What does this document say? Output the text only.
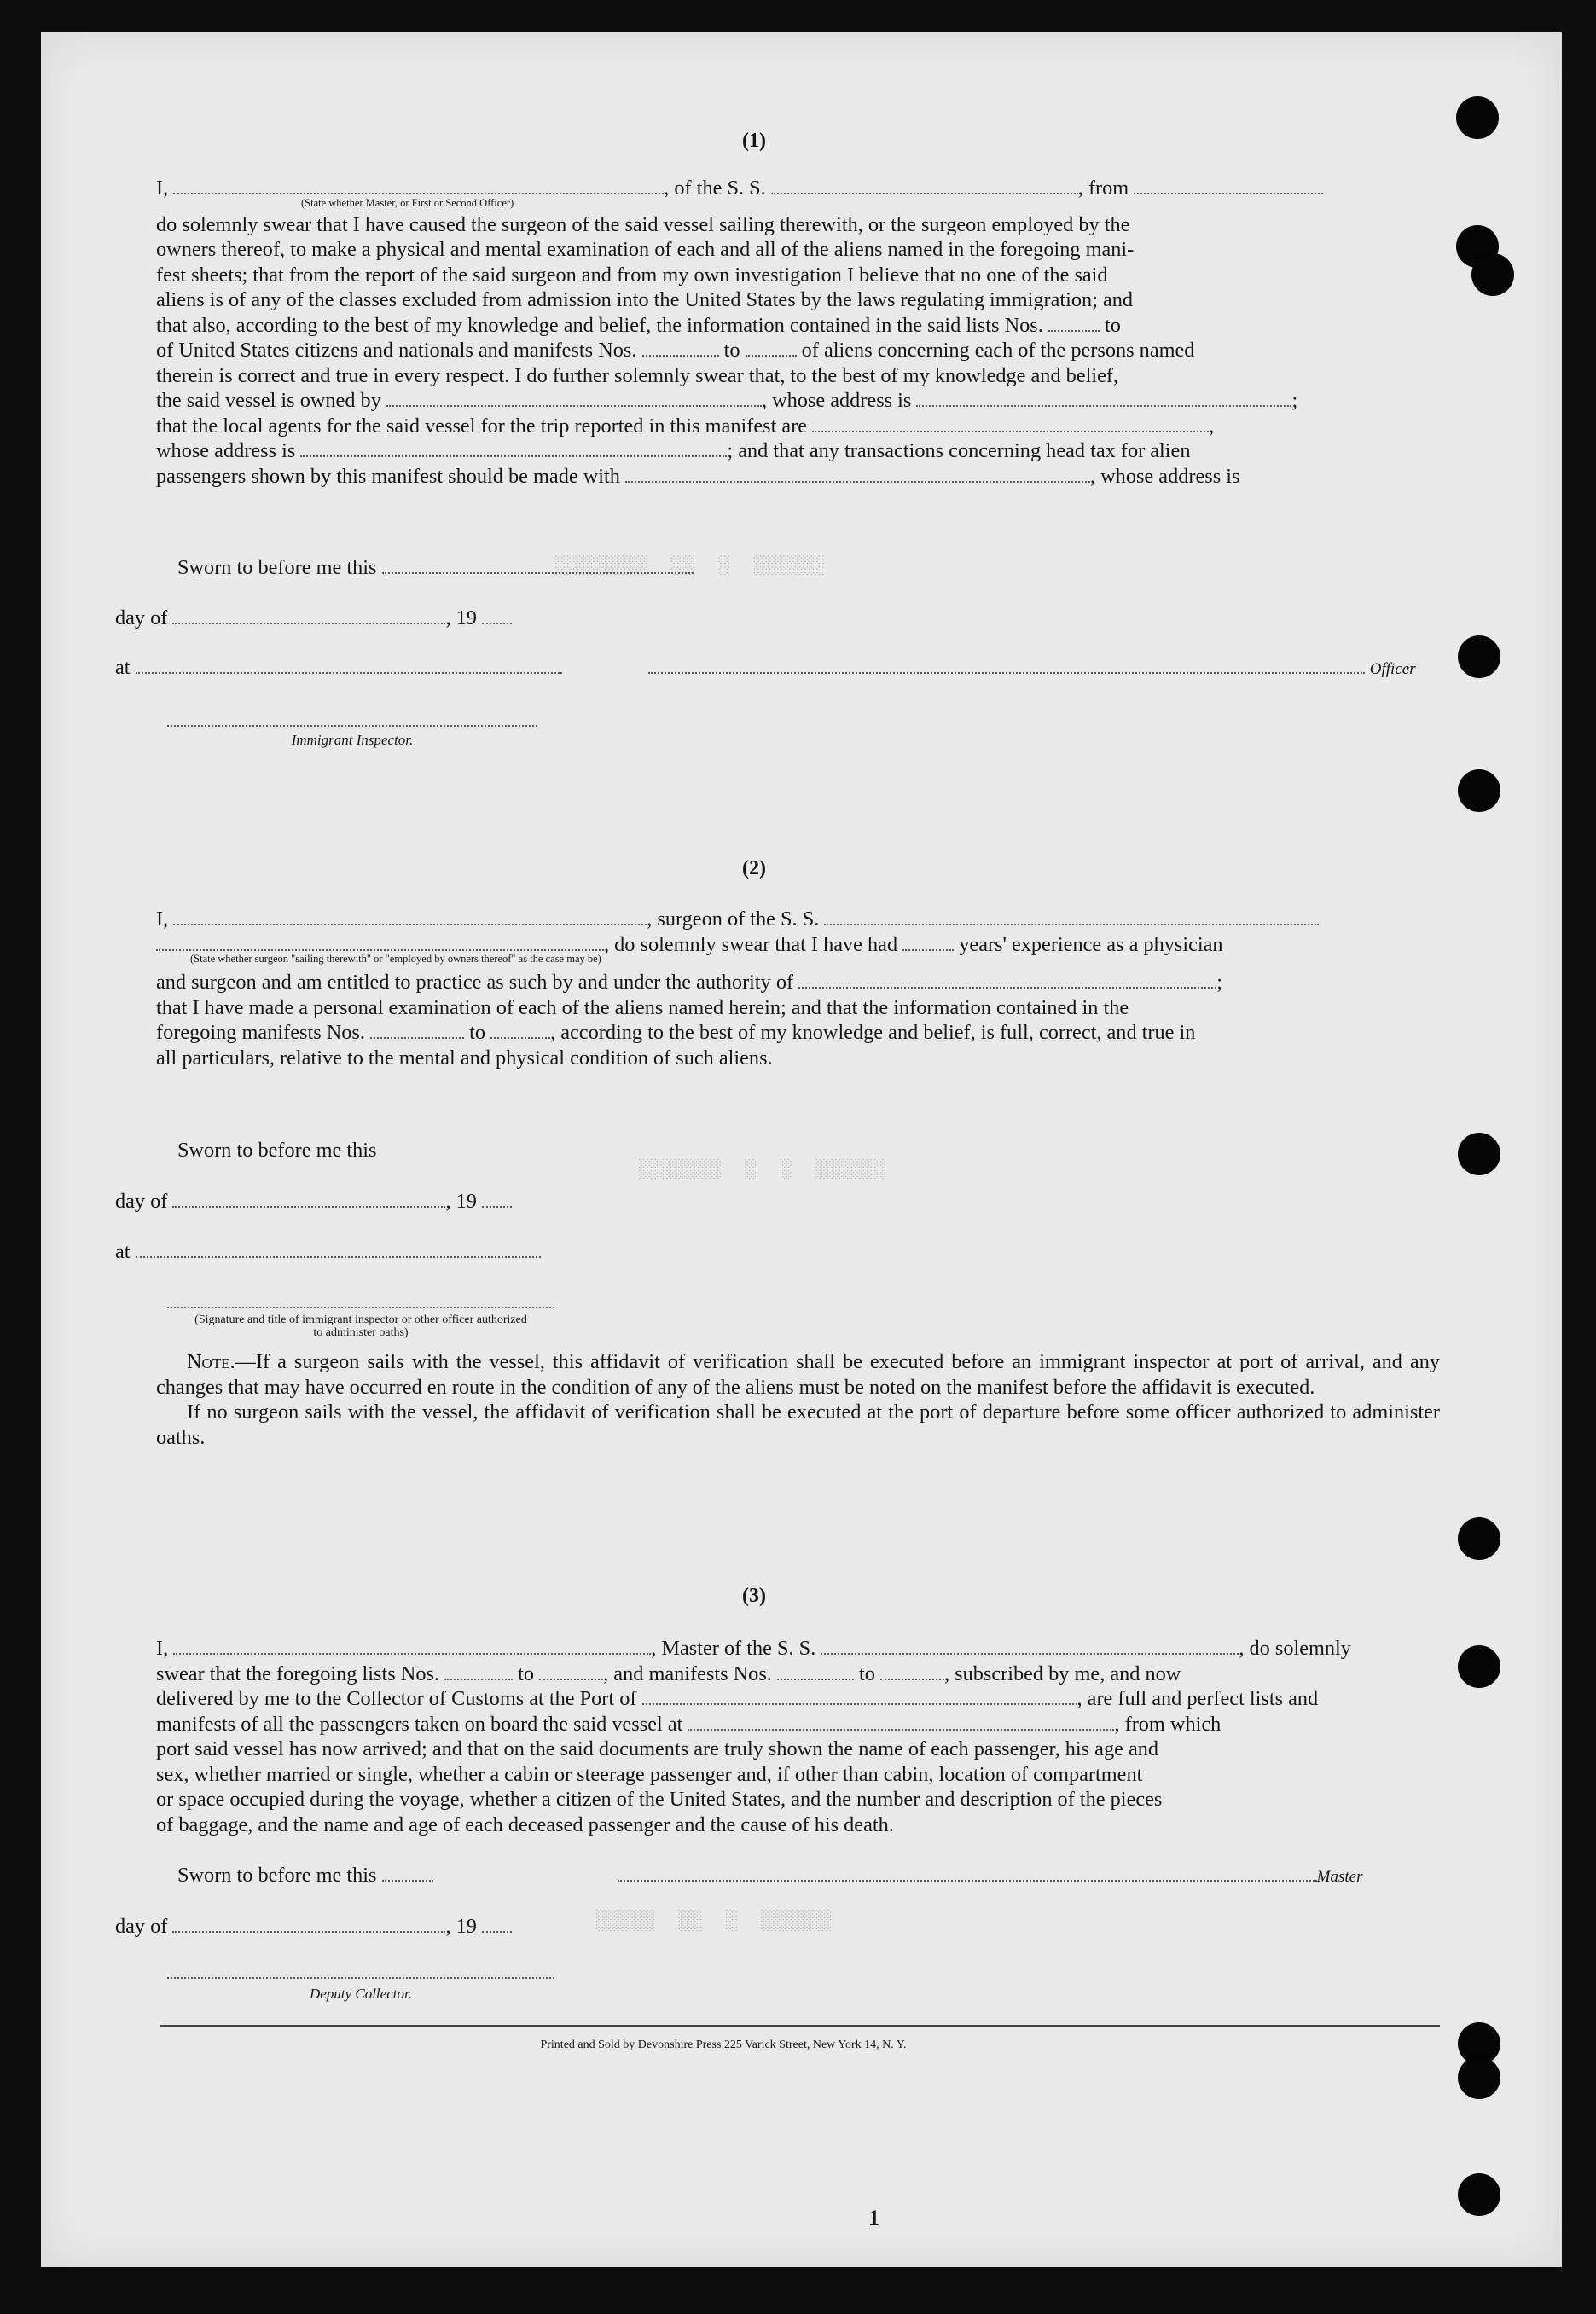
░░░░░░  ░  ░░  ░░░░░░░░
░░░░░░  ░  ░  ░░░░░░░
░░░░░░  ░  ░░  ░░░░░
(1)
I,	, of the S. S.	, from
(State whether Master, or First or Second Officer)
do solemnly swear that I have caused the surgeon of the said vessel sailing therewith, or the surgeon employed by the
owners thereof, to make a physical and mental examination of each and all of the aliens named in the foregoing mani-
fest sheets; that from the report of the said surgeon and from my own investigation I believe that no one of the said
aliens is of any of the classes excluded from admission into the United States by the laws regulating immigration; and
that also, according to the best of my knowledge and belief, the information contained in the said lists Nos.	to
of United States citizens and nationals and manifests Nos.	to	of aliens concerning each of the persons named
therein is correct and true in every respect. I do further solemnly swear that, to the best of my knowledge and belief,
the said vessel is owned by	, whose address is	;
that the local agents for the said vessel for the trip reported in this manifest are	,
whose address is	; and that any transactions concerning head tax for alien
passengers shown by this manifest should be made with	, whose address is
Sworn to before me this
day of	, 19
at	Officer
Immigrant Inspector.
(2)
I,	, surgeon of the S. S.
, do solemnly swear that I have had	years' experience as a physician
(State whether surgeon "sailing therewith" or "employed by owners thereof" as the case may be)
and surgeon and am entitled to practice as such by and under the authority of	;
that I have made a personal examination of each of the aliens named herein; and that the information contained in the
foregoing manifests Nos.	to	, according to the best of my knowledge and belief, is full, correct, and true in
all particulars, relative to the mental and physical condition of such aliens.
Sworn to before me this
day of	, 19
at
(Signature and title of immigrant inspector or other officer authorized to administer oaths)
Note.—If a surgeon sails with the vessel, this affidavit of verification shall be executed before an immigrant inspector at port of arrival, and any changes that may have occurred en route in the condition of any of the aliens must be noted on the manifest before the affidavit is executed.
If no surgeon sails with the vessel, the affidavit of verification shall be executed at the port of departure before some officer authorized to administer oaths.
(3)
I,	, Master of the S. S.	, do solemnly
swear that the foregoing lists Nos.	to	, and manifests Nos.	to	, subscribed by me, and now
delivered by me to the Collector of Customs at the Port of	, are full and perfect lists and
manifests of all the passengers taken on board the said vessel at	, from which
port said vessel has now arrived; and that on the said documents are truly shown the name of each passenger, his age and
sex, whether married or single, whether a cabin or steerage passenger and, if other than cabin, location of compartment
or space occupied during the voyage, whether a citizen of the United States, and the number and description of the pieces
of baggage, and the name and age of each deceased passenger and the cause of his death.
Sworn to before me this	Master
day of	, 19
Deputy Collector.
Printed and Sold by Devonshire Press 225 Varick Street, New York 14, N. Y.
1
